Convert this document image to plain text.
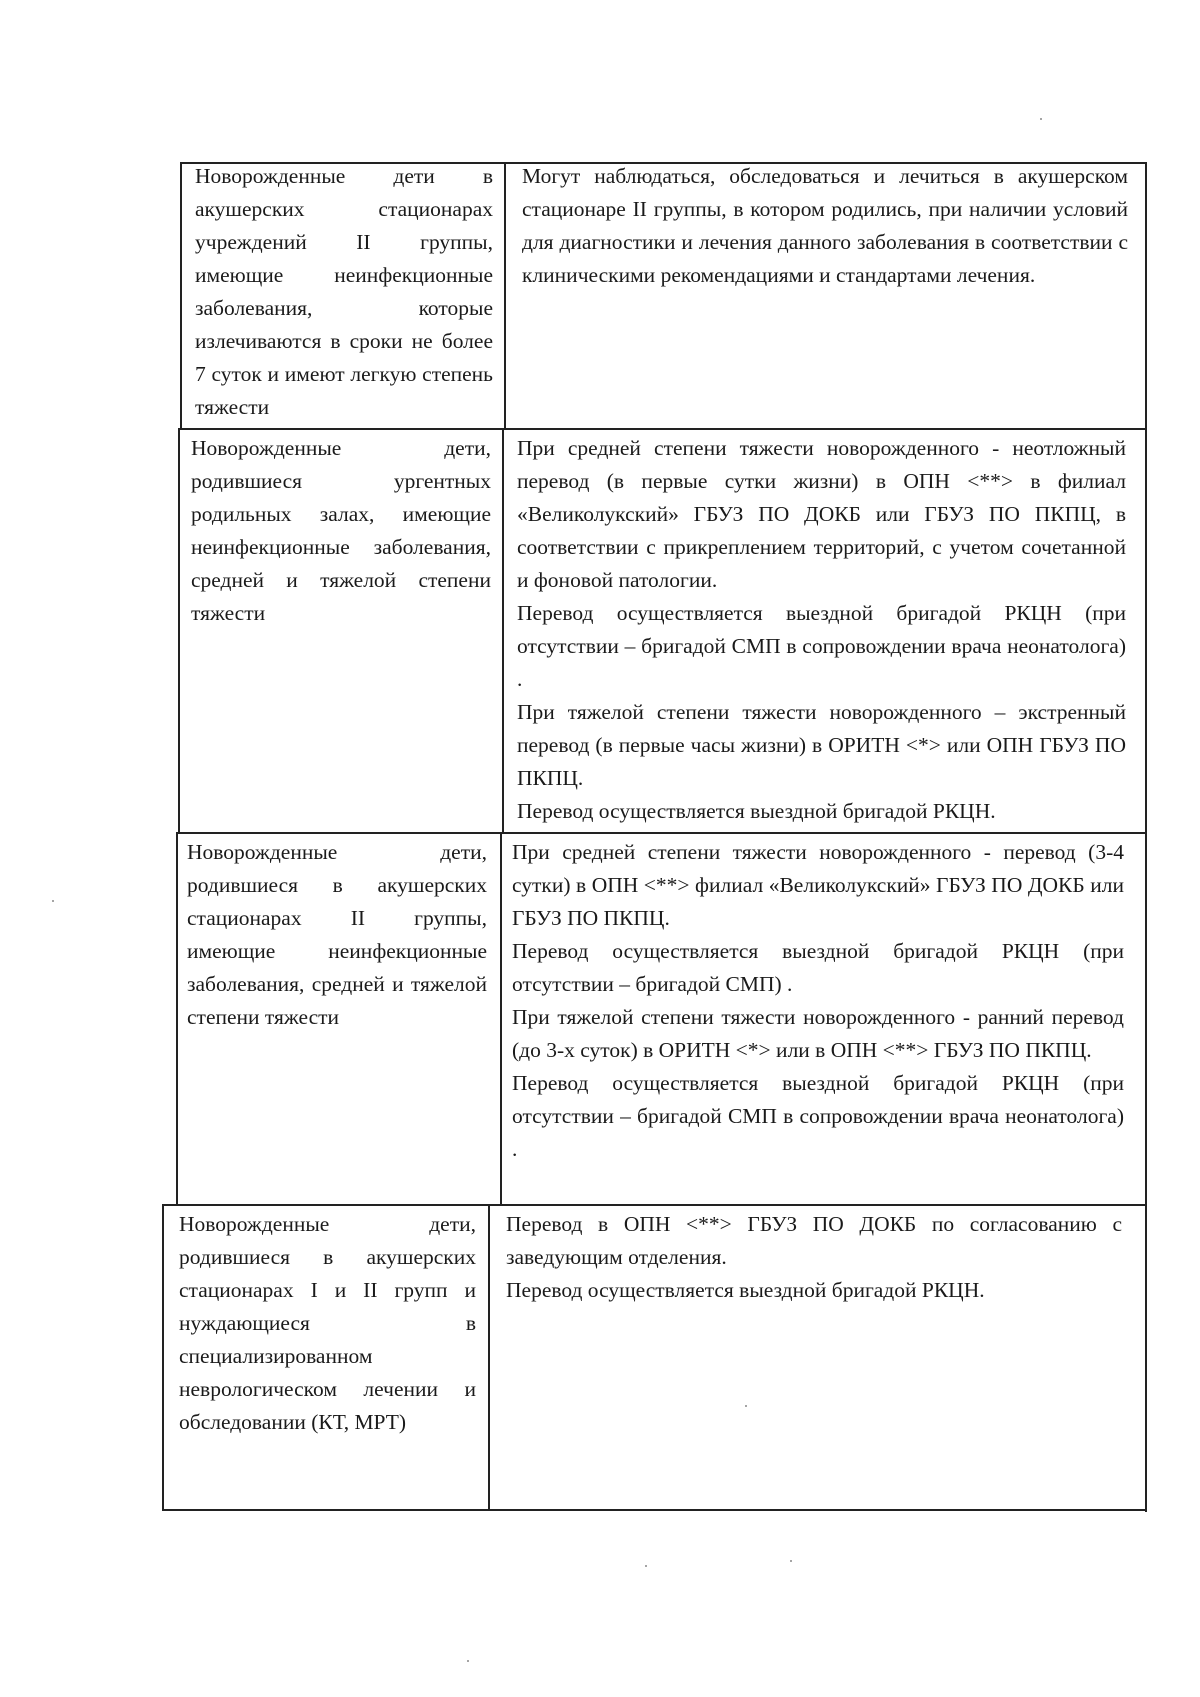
Новорожденные дети в акушерских стационарах учреждений II группы, имеющие неинфекционные заболевания, которые излечиваются в сроки не более 7 суток и имеют легкую степень тяжести

Могут наблюдаться, обследоваться и лечиться в акушерском стационаре II группы, в котором родились, при наличии условий для диагностики и лечения данного заболевания в соответствии с клиническими рекомендациями и стандартами лечения.

Новорожденные дети, родившиеся ургентных родильных залах, имеющие неинфекционные заболевания, средней и тяжелой степени тяжести

При средней степени тяжести новорожденного - неотложный перевод (в первые сутки жизни) в ОПН <**> в филиал «Великолукский» ГБУЗ ПО ДОКБ или ГБУЗ ПО ПКПЦ, в соответствии с прикреплением территорий, с учетом сочетанной и фоновой патологии.

Перевод осуществляется выездной бригадой РКЦН (при отсутствии – бригадой СМП в сопровождении врача неонатолога) .

При тяжелой степени тяжести новорожденного – экстренный перевод (в первые часы жизни) в ОРИТН <*> или ОПН ГБУЗ ПО ПКПЦ.

Перевод осуществляется выездной бригадой РКЦН.

Новорожденные дети, родившиеся в акушерских стационарах II группы, имеющие неинфекционные заболевания, средней и тяжелой степени тяжести

При средней степени тяжести новорожденного - перевод (3-4 сутки) в ОПН <**> филиал «Великолукский» ГБУЗ ПО ДОКБ или ГБУЗ ПО ПКПЦ.

Перевод осуществляется выездной бригадой РКЦН (при отсутствии – бригадой СМП) .

При тяжелой степени тяжести новорожденного - ранний перевод (до 3-х суток) в ОРИТН <*> или в ОПН <**> ГБУЗ ПО ПКПЦ.

Перевод осуществляется выездной бригадой РКЦН (при отсутствии – бригадой СМП в сопровождении врача неонатолога) .

Новорожденные дети, родившиеся в акушерских стационарах I и II групп и нуждающиеся в специализированном неврологическом лечении и обследовании (КТ, МРТ)

Перевод в ОПН <**> ГБУЗ ПО ДОКБ по согласованию с заведующим отделения.

Перевод осуществляется выездной бригадой РКЦН.
